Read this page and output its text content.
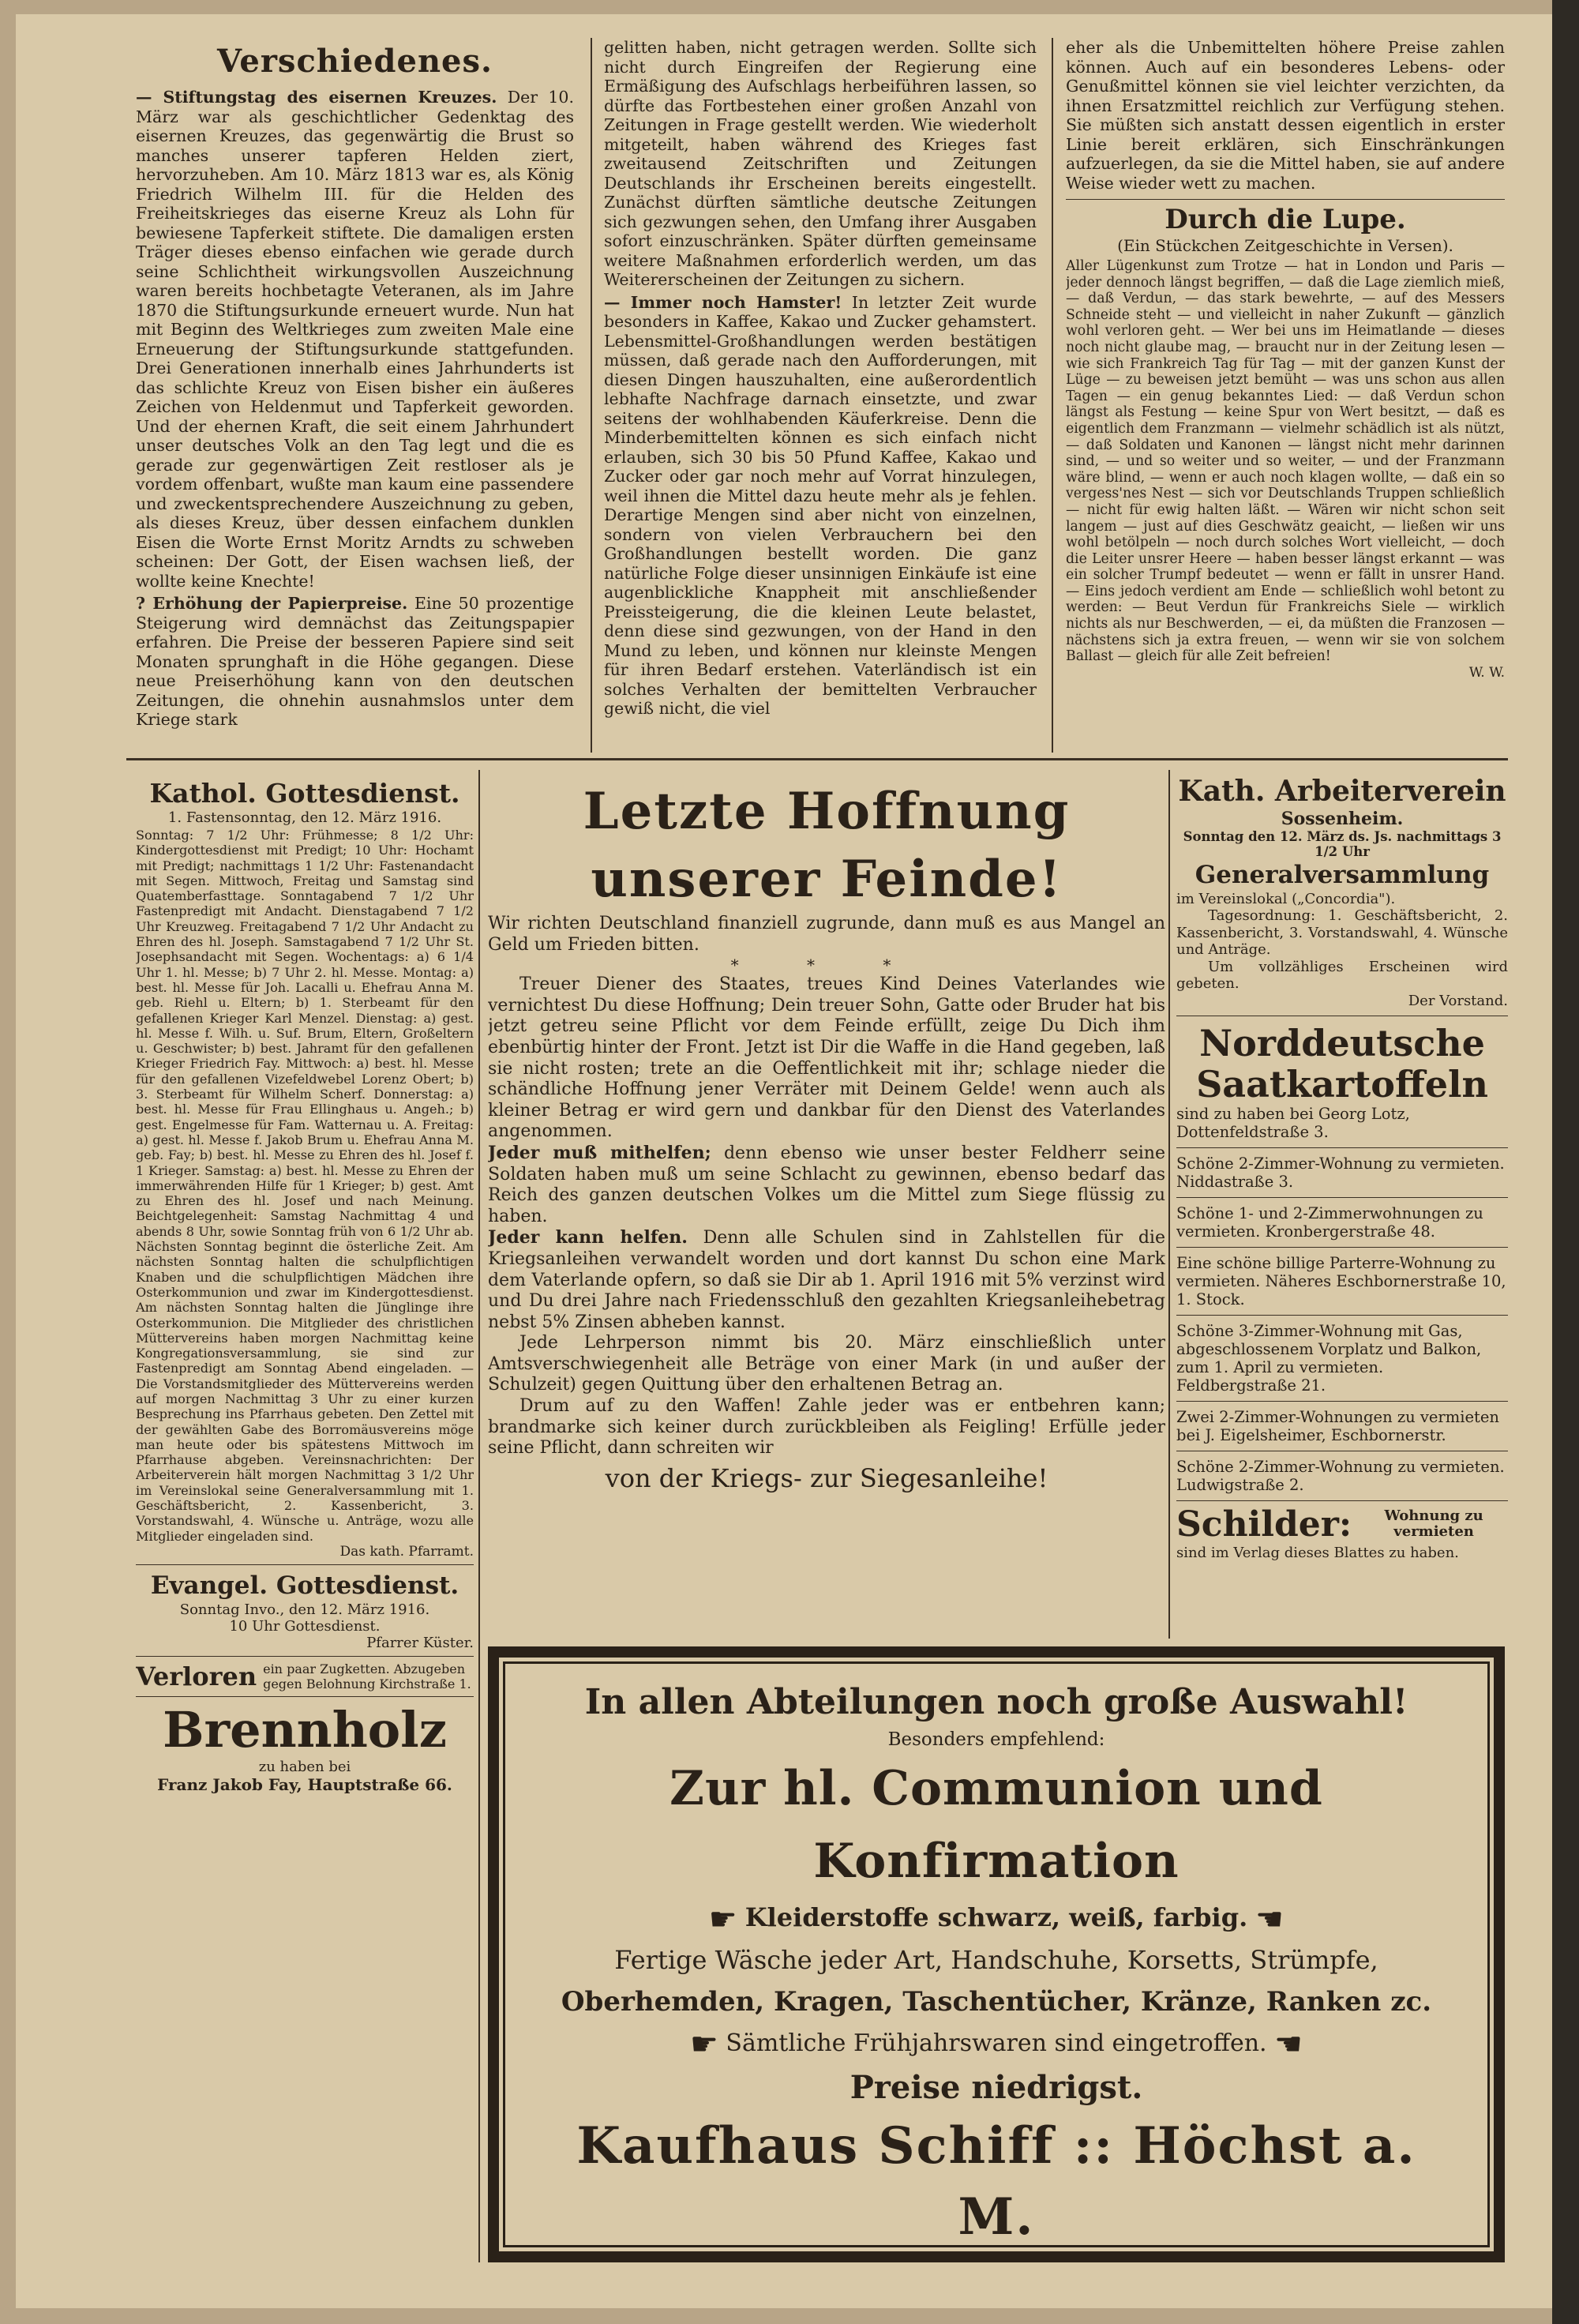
Verschiedenes.

— Stiftungstag des eisernen Kreuzes. Der 10. März war als geschichtlicher Gedenktag des eisernen Kreuzes, das gegenwärtig die Brust so manches unserer tapferen Helden ziert, hervorzuheben. Am 10. März 1813 war es, als König Friedrich Wilhelm III. für die Helden des Freiheitskrieges das eiserne Kreuz als Lohn für bewiesene Tapferkeit stiftete. Die damaligen ersten Träger dieses ebenso einfachen wie gerade durch seine Schlichtheit wirkungsvollen Auszeichnung waren bereits hochbetagte Veteranen, als im Jahre 1870 die Stiftungsurkunde erneuert wurde. Nun hat mit Beginn des Weltkrieges zum zweiten Male eine Erneuerung der Stiftungsurkunde stattgefunden. Drei Generationen innerhalb eines Jahrhunderts ist das schlichte Kreuz von Eisen bisher ein äußeres Zeichen von Heldenmut und Tapferkeit geworden. Und der ehernen Kraft, die seit einem Jahrhundert unser deutsches Volk an den Tag legt und die es gerade zur gegenwärtigen Zeit restloser als je vordem offenbart, wußte man kaum eine passendere und zweckentsprechendere Auszeichnung zu geben, als dieses Kreuz, über dessen einfachem dunklen Eisen die Worte Ernst Moritz Arndts zu schweben scheinen: Der Gott, der Eisen wachsen ließ, der wollte keine Knechte!

? Erhöhung der Papierpreise. Eine 50 prozentige Steigerung wird demnächst das Zeitungspapier erfahren. Die Preise der besseren Papiere sind seit Monaten sprunghaft in die Höhe gegangen. Diese neue Preiserhöhung kann von den deutschen Zeitungen, die ohnehin ausnahmslos unter dem Kriege stark

gelitten haben, nicht getragen werden. Sollte sich nicht durch Eingreifen der Regierung eine Ermäßigung des Aufschlags herbeiführen lassen, so dürfte das Fortbestehen einer großen Anzahl von Zeitungen in Frage gestellt werden. Wie wiederholt mitgeteilt, haben während des Krieges fast zweitausend Zeitschriften und Zeitungen Deutschlands ihr Erscheinen bereits eingestellt. Zunächst dürften sämtliche deutsche Zeitungen sich gezwungen sehen, den Umfang ihrer Ausgaben sofort einzuschränken. Später dürften gemeinsame weitere Maßnahmen erforderlich werden, um das Weitererscheinen der Zeitungen zu sichern.

— Immer noch Hamster! In letzter Zeit wurde besonders in Kaffee, Kakao und Zucker gehamstert. Lebensmittel-Großhandlungen werden bestätigen müssen, daß gerade nach den Aufforderungen, mit diesen Dingen hauszuhalten, eine außerordentlich lebhafte Nachfrage darnach einsetzte, und zwar seitens der wohlhabenden Käuferkreise. Denn die Minderbemittelten können es sich einfach nicht erlauben, sich 30 bis 50 Pfund Kaffee, Kakao und Zucker oder gar noch mehr auf Vorrat hinzulegen, weil ihnen die Mittel dazu heute mehr als je fehlen. Derartige Mengen sind aber nicht von einzelnen, sondern von vielen Verbrauchern bei den Großhandlungen bestellt worden. Die ganz natürliche Folge dieser unsinnigen Einkäufe ist eine augenblickliche Knappheit mit anschließender Preissteigerung, die die kleinen Leute belastet, denn diese sind gezwungen, von der Hand in den Mund zu leben, und können nur kleinste Mengen für ihren Bedarf erstehen. Vaterländisch ist ein solches Verhalten der bemittelten Verbraucher gewiß nicht, die viel

eher als die Unbemittelten höhere Preise zahlen können. Auch auf ein besonderes Lebens- oder Genußmittel können sie viel leichter verzichten, da ihnen Ersatzmittel reichlich zur Verfügung stehen. Sie müßten sich anstatt dessen eigentlich in erster Linie bereit erklären, sich Einschränkungen aufzuerlegen, da sie die Mittel haben, sie auf andere Weise wieder wett zu machen.

Durch die Lupe.
(Ein Stückchen Zeitgeschichte in Versen).

Aller Lügenkunst zum Trotze — hat in London und Paris — jeder dennoch längst begriffen, — daß die Lage ziemlich mieß, — daß Verdun, — das stark bewehrte, — auf des Messers Schneide steht — und vielleicht in naher Zukunft — gänzlich wohl verloren geht. — Wer bei uns im Heimatlande — dieses noch nicht glaube mag, — braucht nur in der Zeitung lesen — wie sich Frankreich Tag für Tag — mit der ganzen Kunst der Lüge — zu beweisen jetzt bemüht — was uns schon aus allen Tagen — ein genug bekanntes Lied: — daß Verdun schon längst als Festung — keine Spur von Wert besitzt, — daß es eigentlich dem Franzmann — vielmehr schädlich ist als nützt, — daß Soldaten und Kanonen — längst nicht mehr darinnen sind, — und so weiter und so weiter, — und der Franzmann wäre blind, — wenn er auch noch klagen wollte, — daß ein so vergess'nes Nest — sich vor Deutschlands Truppen schließlich — nicht für ewig halten läßt. — Wären wir nicht schon seit langem — just auf dies Geschwätz geaicht, — ließen wir uns wohl betölpeln — noch durch solches Wort vielleicht, — doch die Leiter unsrer Heere — haben besser längst erkannt — was ein solcher Trumpf bedeutet — wenn er fällt in unsrer Hand. — Eins jedoch verdient am Ende — schließlich wohl betont zu werden: — Beut Verdun für Frankreichs Siele — wirklich nichts als nur Beschwerden, — ei, da müßten die Franzosen — nächstens sich ja extra freuen, — wenn wir sie von solchem Ballast — gleich für alle Zeit befreien!

W. W.
Kathol. Gottesdienst.
1. Fastensonntag, den 12. März 1916.

Sonntag: 7 1/2 Uhr: Frühmesse; 8 1/2 Uhr: Kindergottesdienst mit Predigt; 10 Uhr: Hochamt mit Predigt; nachmittags 1 1/2 Uhr: Fastenandacht mit Segen. Mittwoch, Freitag und Samstag sind Quatemberfasttage. Sonntagabend 7 1/2 Uhr Fastenpredigt mit Andacht. Dienstagabend 7 1/2 Uhr Kreuzweg. Freitagabend 7 1/2 Uhr Andacht zu Ehren des hl. Joseph. Samstagabend 7 1/2 Uhr St. Josephsandacht mit Segen. Wochentags: a) 6 1/4 Uhr 1. hl. Messe; b) 7 Uhr 2. hl. Messe. Montag: a) best. hl. Messe für Joh. Lacalli u. Ehefrau Anna M. geb. Riehl u. Eltern; b) 1. Sterbeamt für den gefallenen Krieger Karl Menzel. Dienstag: a) gest. hl. Messe f. Wilh. u. Suf. Brum, Eltern, Großeltern u. Geschwister; b) best. Jahramt für den gefallenen Krieger Friedrich Fay. Mittwoch: a) best. hl. Messe für den gefallenen Vizefeldwebel Lorenz Obert; b) 3. Sterbeamt für Wilhelm Scherf. Donnerstag: a) best. hl. Messe für Frau Ellinghaus u. Angeh.; b) gest. Engelmesse für Fam. Watternau u. A. Freitag: a) gest. hl. Messe f. Jakob Brum u. Ehefrau Anna M. geb. Fay; b) best. hl. Messe zu Ehren des hl. Josef f. 1 Krieger. Samstag: a) best. hl. Messe zu Ehren der immerwährenden Hilfe für 1 Krieger; b) gest. Amt zu Ehren des hl. Josef und nach Meinung. Beichtgelegenheit: Samstag Nachmittag 4 und abends 8 Uhr, sowie Sonntag früh von 6 1/2 Uhr ab. Nächsten Sonntag beginnt die österliche Zeit. Am nächsten Sonntag halten die schulpflichtigen Knaben und die schulpflichtigen Mädchen ihre Osterkommunion und zwar im Kindergottesdienst. Am nächsten Sonntag halten die Jünglinge ihre Osterkommunion. Die Mitglieder des christlichen Müttervereins haben morgen Nachmittag keine Kongregationsversammlung, sie sind zur Fastenpredigt am Sonntag Abend eingeladen. — Die Vorstandsmitglieder des Müttervereins werden auf morgen Nachmittag 3 Uhr zu einer kurzen Besprechung ins Pfarrhaus gebeten. Den Zettel mit der gewählten Gabe des Borromäusvereins möge man heute oder bis spätestens Mittwoch im Pfarrhause abgeben. Vereinsnachrichten: Der Arbeiterverein hält morgen Nachmittag 3 1/2 Uhr im Vereinslokal seine Generalversammlung mit 1. Geschäftsbericht, 2. Kassenbericht, 3. Vorstandswahl, 4. Wünsche u. Anträge, wozu alle Mitglieder eingeladen sind.

Das kath. Pfarramt.
Evangel. Gottesdienst.
Sonntag Invo., den 12. März 1916.
10 Uhr Gottesdienst.
Pfarrer Küster.
Verloren ein paar Zugketten. Abzugeben gegen Belohnung Kirchstraße 1.
Brennholz
zu haben bei
Franz Jakob Fay, Hauptstraße 66.
Letzte Hoffnung unserer Feinde!

Wir richten Deutschland finanziell zugrunde, dann muß es aus Mangel an Geld um Frieden bitten.

* * *

Treuer Diener des Staates, treues Kind Deines Vaterlandes wie vernichtest Du diese Hoffnung; Dein treuer Sohn, Gatte oder Bruder hat bis jetzt getreu seine Pflicht vor dem Feinde erfüllt, zeige Du Dich ihm ebenbürtig hinter der Front. Jetzt ist Dir die Waffe in die Hand gegeben, laß sie nicht rosten; trete an die Oeffentlichkeit mit ihr; schlage nieder die schändliche Hoffnung jener Verräter mit Deinem Gelde! wenn auch als kleiner Betrag er wird gern und dankbar für den Dienst des Vaterlandes angenommen.

Jeder muß mithelfen; denn ebenso wie unser bester Feldherr seine Soldaten haben muß um seine Schlacht zu gewinnen, ebenso bedarf das Reich des ganzen deutschen Volkes um die Mittel zum Siege flüssig zu haben.

Jeder kann helfen. Denn alle Schulen sind in Zahlstellen für die Kriegsanleihen verwandelt worden und dort kannst Du schon eine Mark dem Vaterlande opfern, so daß sie Dir ab 1. April 1916 mit 5% verzinst wird und Du drei Jahre nach Friedensschluß den gezahlten Kriegsanleihebetrag nebst 5% Zinsen abheben kannst.

Jede Lehrperson nimmt bis 20. März einschließlich unter Amtsverschwiegenheit alle Beträge von einer Mark (in und außer der Schulzeit) gegen Quittung über den erhaltenen Betrag an.

Drum auf zu den Waffen! Zahle jeder was er entbehren kann; brandmarke sich keiner durch zurückbleiben als Feigling! Erfülle jeder seine Pflicht, dann schreiten wir

von der Kriegs- zur Siegesanleihe!
Kath. Arbeiterverein
Sossenheim.
Sonntag den 12. März ds. Js. nachmittags 3 1/2 Uhr
Generalversammlung
im Vereinslokal („Concordia").

Tagesordnung: 1. Geschäftsbericht, 2. Kassenbericht, 3. Vorstandswahl, 4. Wünsche und Anträge.

Um vollzähliges Erscheinen wird gebeten.

Der Vorstand.
Norddeutsche
Saatkartoffeln

sind zu haben bei Georg Lotz, Dottenfeldstraße 3.

Schöne 2-Zimmer-Wohnung zu vermieten. Niddastraße 3.

Schöne 1- und 2-Zimmerwohnungen zu vermieten. Kronbergerstraße 48.

Eine schöne billige Parterre-Wohnung zu vermieten. Näheres Eschbornerstraße 10, 1. Stock.

Schöne 3-Zimmer-Wohnung mit Gas, abgeschlossenem Vorplatz und Balkon, zum 1. April zu vermieten. Feldbergstraße 21.

Zwei 2-Zimmer-Wohnungen zu vermieten bei J. Eigelsheimer, Eschbornerstr.

Schöne 2-Zimmer-Wohnung zu vermieten. Ludwigstraße 2.

Schilder:	Wohnung zu vermieten
sind im Verlag dieses Blattes zu haben.
In allen Abteilungen noch große Auswahl!
Besonders empfehlend:
Zur hl. Communion und Konfirmation
☛ Kleiderstoffe schwarz, weiß, farbig. ☛
Fertige Wäsche jeder Art, Handschuhe, Korsetts, Strümpfe,
Oberhemden, Kragen, Taschentücher, Kränze, Ranken zc.
☛ Sämtliche Frühjahrswaren sind eingetroffen. ☛
Preise niedrigst.
Kaufhaus Schiff :: Höchst a. M.
